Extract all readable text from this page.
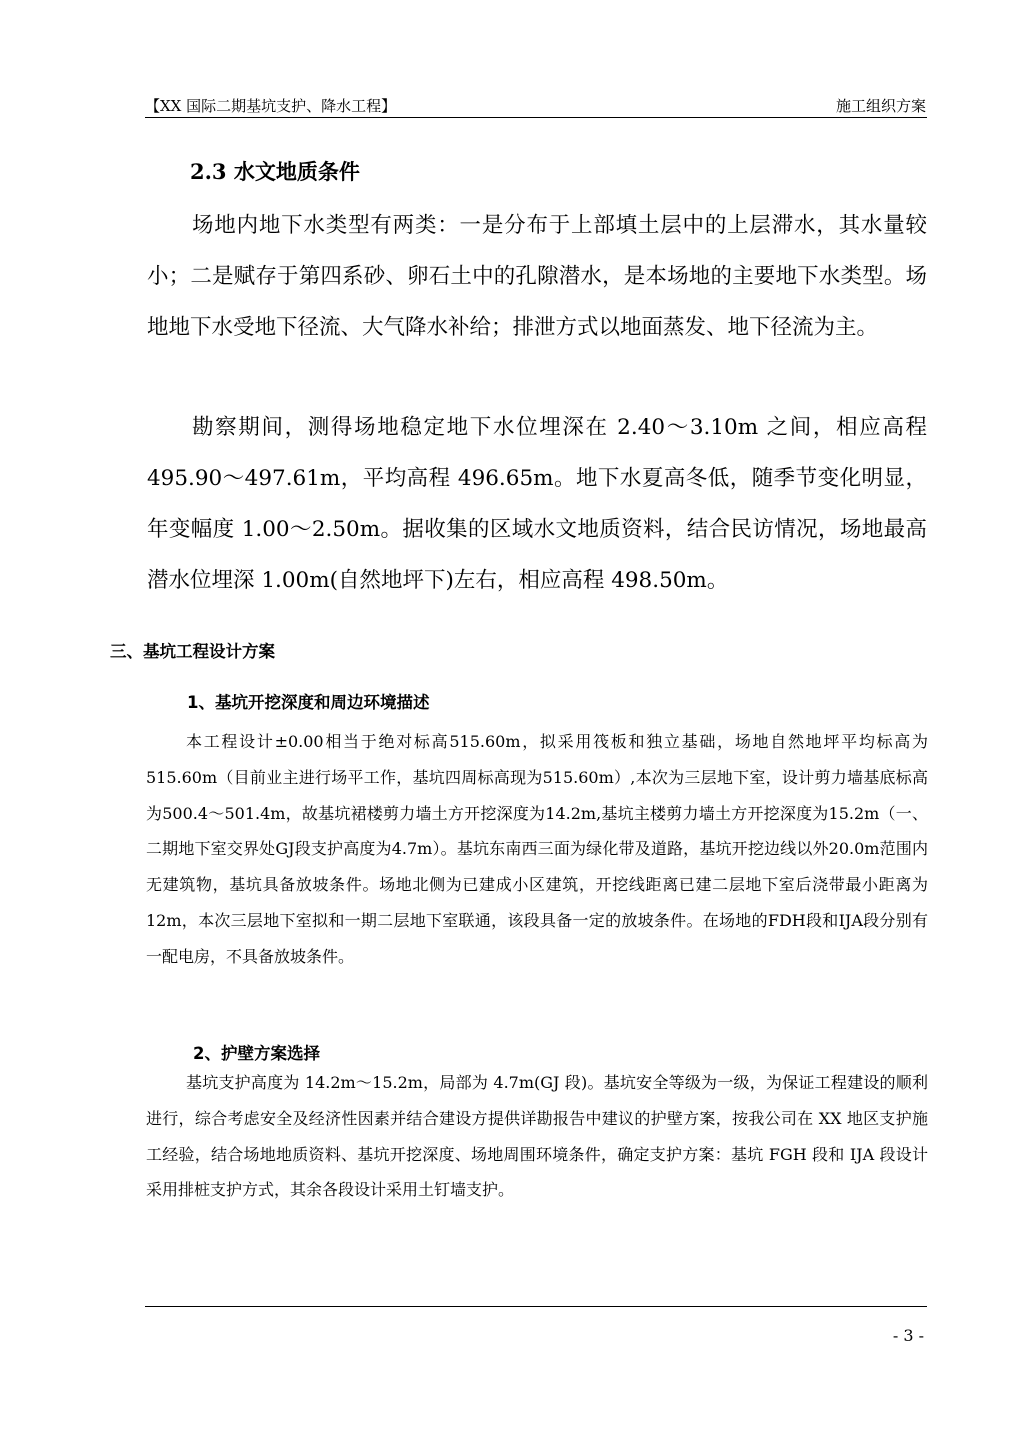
【XX 国际二期基坑支护、降水工程】	施工组织方案
2.3 水文地质条件

场地内地下水类型有两类：一是分布于上部填土层中的上层滞水，其水量较小；二是赋存于第四系砂、卵石土中的孔隙潜水，是本场地的主要地下水类型。场地地下水受地下径流、大气降水补给；排泄方式以地面蒸发、地下径流为主。

勘察期间，测得场地稳定地下水位埋深在 2.40～3.10m 之间，相应高程 495.90～497.61m，平均高程 496.65m。地下水夏高冬低，随季节变化明显，年变幅度 1.00～2.50m。据收集的区域水文地质资料，结合民访情况，场地最高潜水位埋深 1.00m(自然地坪下)左右，相应高程 498.50m。

三、基坑工程设计方案
1、基坑开挖深度和周边环境描述

本工程设计±0.00相当于绝对标高515.60m，拟采用筏板和独立基础，场地自然地坪平均标高为515.60m（目前业主进行场平工作，基坑四周标高现为515.60m）,本次为三层地下室，设计剪力墙基底标高为500.4～501.4m，故基坑裙楼剪力墙土方开挖深度为14.2m,基坑主楼剪力墙土方开挖深度为15.2m（一、二期地下室交界处GJ段支护高度为4.7m）。基坑东南西三面为绿化带及道路，基坑开挖边线以外20.0m范围内无建筑物，基坑具备放坡条件。场地北侧为已建成小区建筑，开挖线距离已建二层地下室后浇带最小距离为12m，本次三层地下室拟和一期二层地下室联通，该段具备一定的放坡条件。在场地的FDH段和IJA段分别有一配电房，不具备放坡条件。

2、护壁方案选择

基坑支护高度为 14.2m～15.2m，局部为 4.7m(GJ 段)。基坑安全等级为一级，为保证工程建设的顺利进行，综合考虑安全及经济性因素并结合建设方提供详勘报告中建议的护壁方案，按我公司在 XX 地区支护施工经验，结合场地地质资料、基坑开挖深度、场地周围环境条件，确定支护方案：基坑 FGH 段和 IJA 段设计采用排桩支护方式，其余各段设计采用土钉墙支护。

- 3 -
